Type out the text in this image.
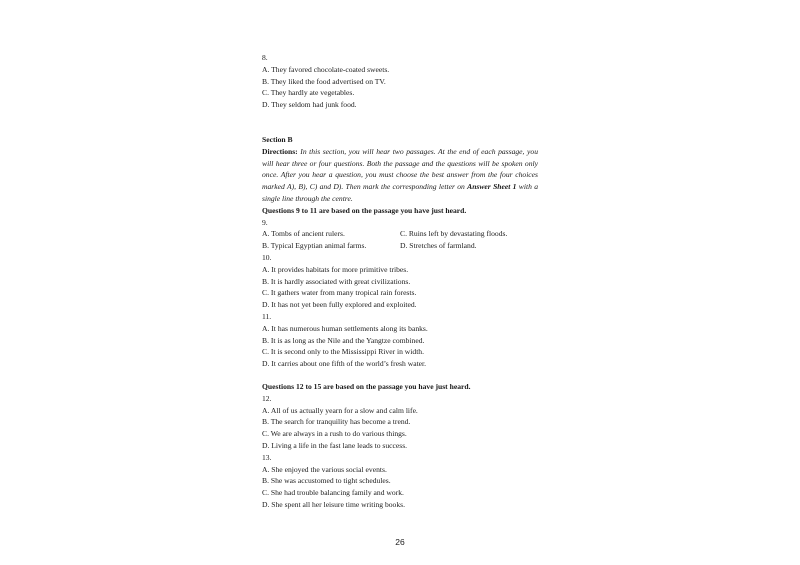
8.
A. They favored chocolate-coated sweets.
B. They liked the food advertised on TV.
C. They hardly ate vegetables.
D. They seldom had junk food.
Section B
Directions: In this section, you will hear two passages. At the end of each passage, you will hear three or four questions. Both the passage and the questions will be spoken only once. After you hear a question, you must choose the best answer from the four choices marked A), B), C) and D). Then mark the corresponding letter on Answer Sheet 1 with a single line through the centre.
Questions 9 to 11 are based on the passage you have just heard.
9.
A. Tombs of ancient rulers.	C. Ruins left by devastating floods.
B. Typical Egyptian animal farms.	D. Stretches of farmland.
10.
A. It provides habitats for more primitive tribes.
B. It is hardly associated with great civilizations.
C. It gathers water from many tropical rain forests.
D. It has not yet been fully explored and exploited.
11.
A. It has numerous human settlements along its banks.
B. It is as long as the Nile and the Yangtze combined.
C. It is second only to the Mississippi River in width.
D. It carries about one fifth of the world’s fresh water.
Questions 12 to 15 are based on the passage you have just heard.
12.
A. All of us actually yearn for a slow and calm life.
B. The search for tranquility has become a trend.
C. We are always in a rush to do various things.
D. Living a life in the fast lane leads to success.
13.
A. She enjoyed the various social events.
B. She was accustomed to tight schedules.
C. She had trouble balancing family and work.
D. She spent all her leisure time writing books.
26
